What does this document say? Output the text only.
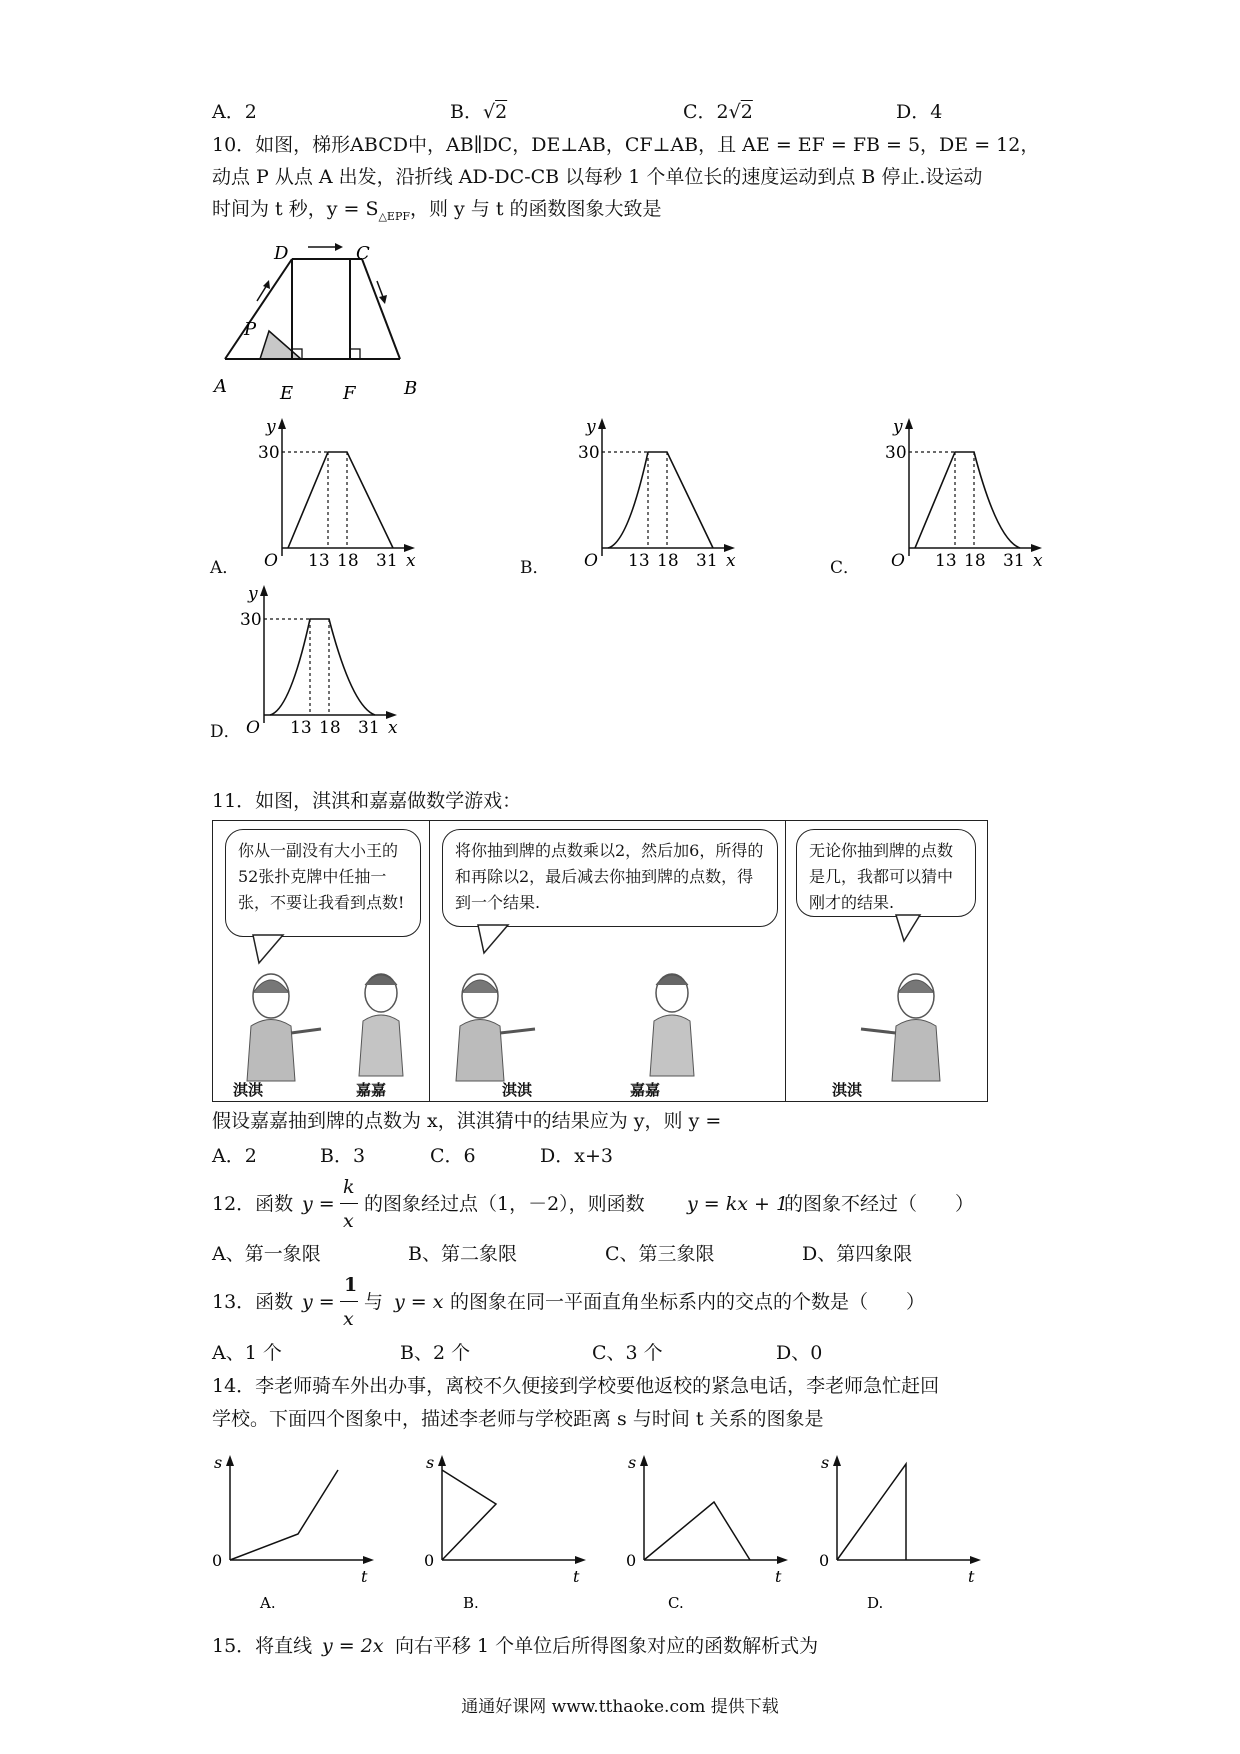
A．2	B．√2	C．2√2	D．4
10．如图，梯形ABCD中，AB∥DC，DE⊥AB，CF⊥AB，且 AE = EF = FB = 5，DE = 12，
动点 P 从点 A 出发，沿折线 AD-DC-CB 以每秒 1 个单位长的速度运动到点 B 停止.设运动
时间为 t 秒，$y = S_{\triangle EPF}$，则 y 与 t 的函数图象大致是
D	C
P
A	E	F	B
y
30
O 13 18 31 x
A．
y
30
O 13 18 31 x
B．
y
30
O 13 18 31 x
C．
y
30
O 13 18 31 x
D．
11．如图，淇淇和嘉嘉做数学游戏：
你从一副没有大小王的52张扑克牌中任抽一张，不要让我看到点数!
淇淇	嘉嘉
将你抽到牌的点数乘以2，然后加6，所得的和再除以2，最后减去你抽到牌的点数，得到一个结果.
淇淇	嘉嘉
无论你抽到牌的点数是几，我都可以猜中刚才的结果.
淇淇
假设嘉嘉抽到牌的点数为 x，淇淇猜中的结果应为 y，则 y =
A．2	B．3	C．6	D．x+3
12．函数 y =
k
x
的图象经过点（1，－2），则函数 y = kx + 1
的图象不经过（　　）
A、第一象限	B、第二象限	C、第三象限	D、第四象限
13．函数 y =
1
x
与 y = x 的图象在同一平面直角坐标系内的交点的个数是（　　）
A、1 个	B、2 个	C、3 个	D、0
14．李老师骑车外出办事，离校不久便接到学校要他返校的紧急电话，李老师急忙赶回
学校。下面四个图象中，描述李老师与学校距离 s 与时间 t 关系的图象是
s
0
t
A.
s
0
t
B.
s
0
t
C.
s
0
t
D.
15．将直线 y = 2x 向右平移 1 个单位后所得图象对应的函数解析式为
通通好课网 www.tthaoke.com 提供下载
